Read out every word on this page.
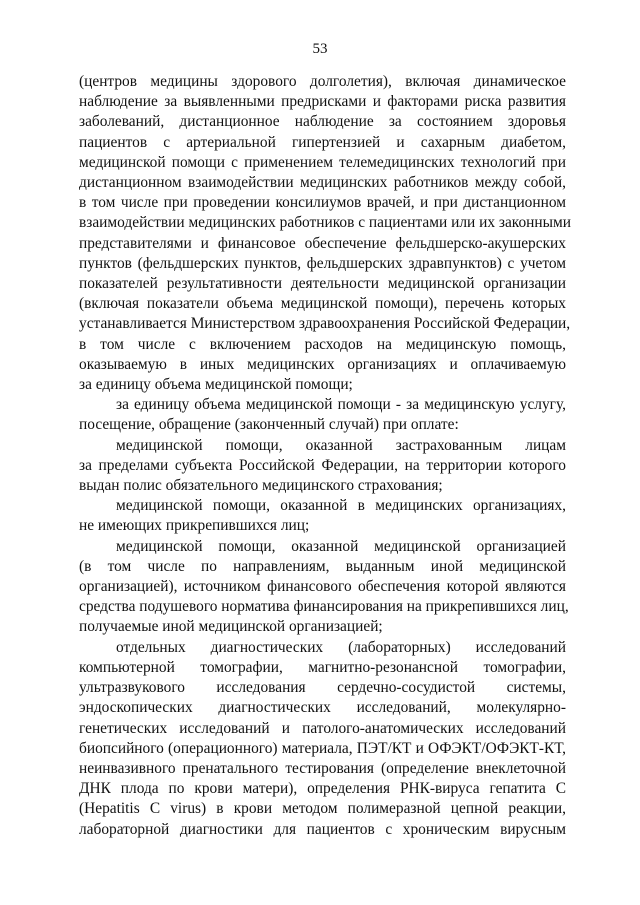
53
(центров медицины здорового долголетия), включая динамическое
наблюдение за выявленными предрисками и факторами риска развития
заболеваний, дистанционное наблюдение за состоянием здоровья
пациентов с артериальной гипертензией и сахарным диабетом,
медицинской помощи с применением телемедицинских технологий при
дистанционном взаимодействии медицинских работников между собой,
в том числе при проведении консилиумов врачей, и при дистанционном
взаимодействии медицинских работников с пациентами или их законными
представителями и финансовое обеспечение фельдшерско-акушерских
пунктов (фельдшерских пунктов, фельдшерских здравпунктов) с учетом
показателей результативности деятельности медицинской организации
(включая показатели объема медицинской помощи), перечень которых
устанавливается Министерством здравоохранения Российской Федерации,
в том числе с включением расходов на медицинскую помощь,
оказываемую в иных медицинских организациях и оплачиваемую
за единицу объема медицинской помощи;
за единицу объема медицинской помощи - за медицинскую услугу,
посещение, обращение (законченный случай) при оплате:
медицинской помощи, оказанной застрахованным лицам
за пределами субъекта Российской Федерации, на территории которого
выдан полис обязательного медицинского страхования;
медицинской помощи, оказанной в медицинских организациях,
не имеющих прикрепившихся лиц;
медицинской помощи, оказанной медицинской организацией
(в том числе по направлениям, выданным иной медицинской
организацией), источником финансового обеспечения которой являются
средства подушевого норматива финансирования на прикрепившихся лиц,
получаемые иной медицинской организацией;
отдельных диагностических (лабораторных) исследований
компьютерной томографии, магнитно-резонансной томографии,
ультразвукового исследования сердечно-сосудистой системы,
эндоскопических диагностических исследований, молекулярно-
генетических исследований и патолого-анатомических исследований
биопсийного (операционного) материала, ПЭТ/КТ и ОФЭКТ/ОФЭКТ-КТ,
неинвазивного пренатального тестирования (определение внеклеточной
ДНК плода по крови матери), определения РНК-вируса гепатита С
(Hepatitis C virus) в крови методом полимеразной цепной реакции,
лабораторной диагностики для пациентов с хроническим вирусным
